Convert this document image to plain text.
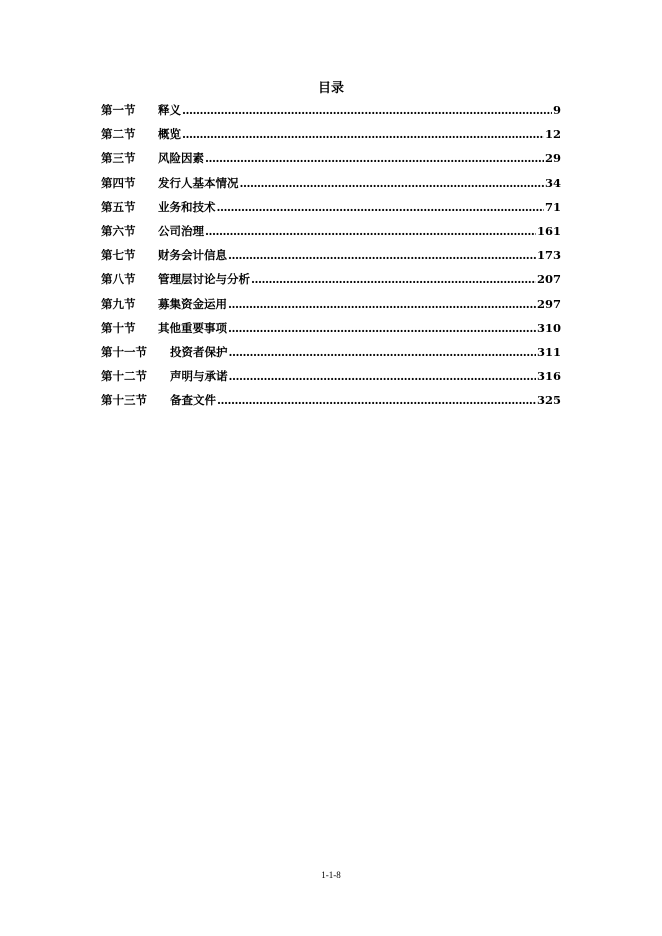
目录
第一节	释义 .....	9
第二节	概览 .....	12
第三节	风险因素 .....	29
第四节	发行人基本情况 .....	34
第五节	业务和技术 .....	71
第六节	公司治理 .....	161
第七节	财务会计信息 .....	173
第八节	管理层讨论与分析 .....	207
第九节	募集资金运用 .....	297
第十节	其他重要事项 .....	310
第十一节	投资者保护 .....	311
第十二节	声明与承诺 .....	316
第十三节	备查文件 .....	325
1-1-8
